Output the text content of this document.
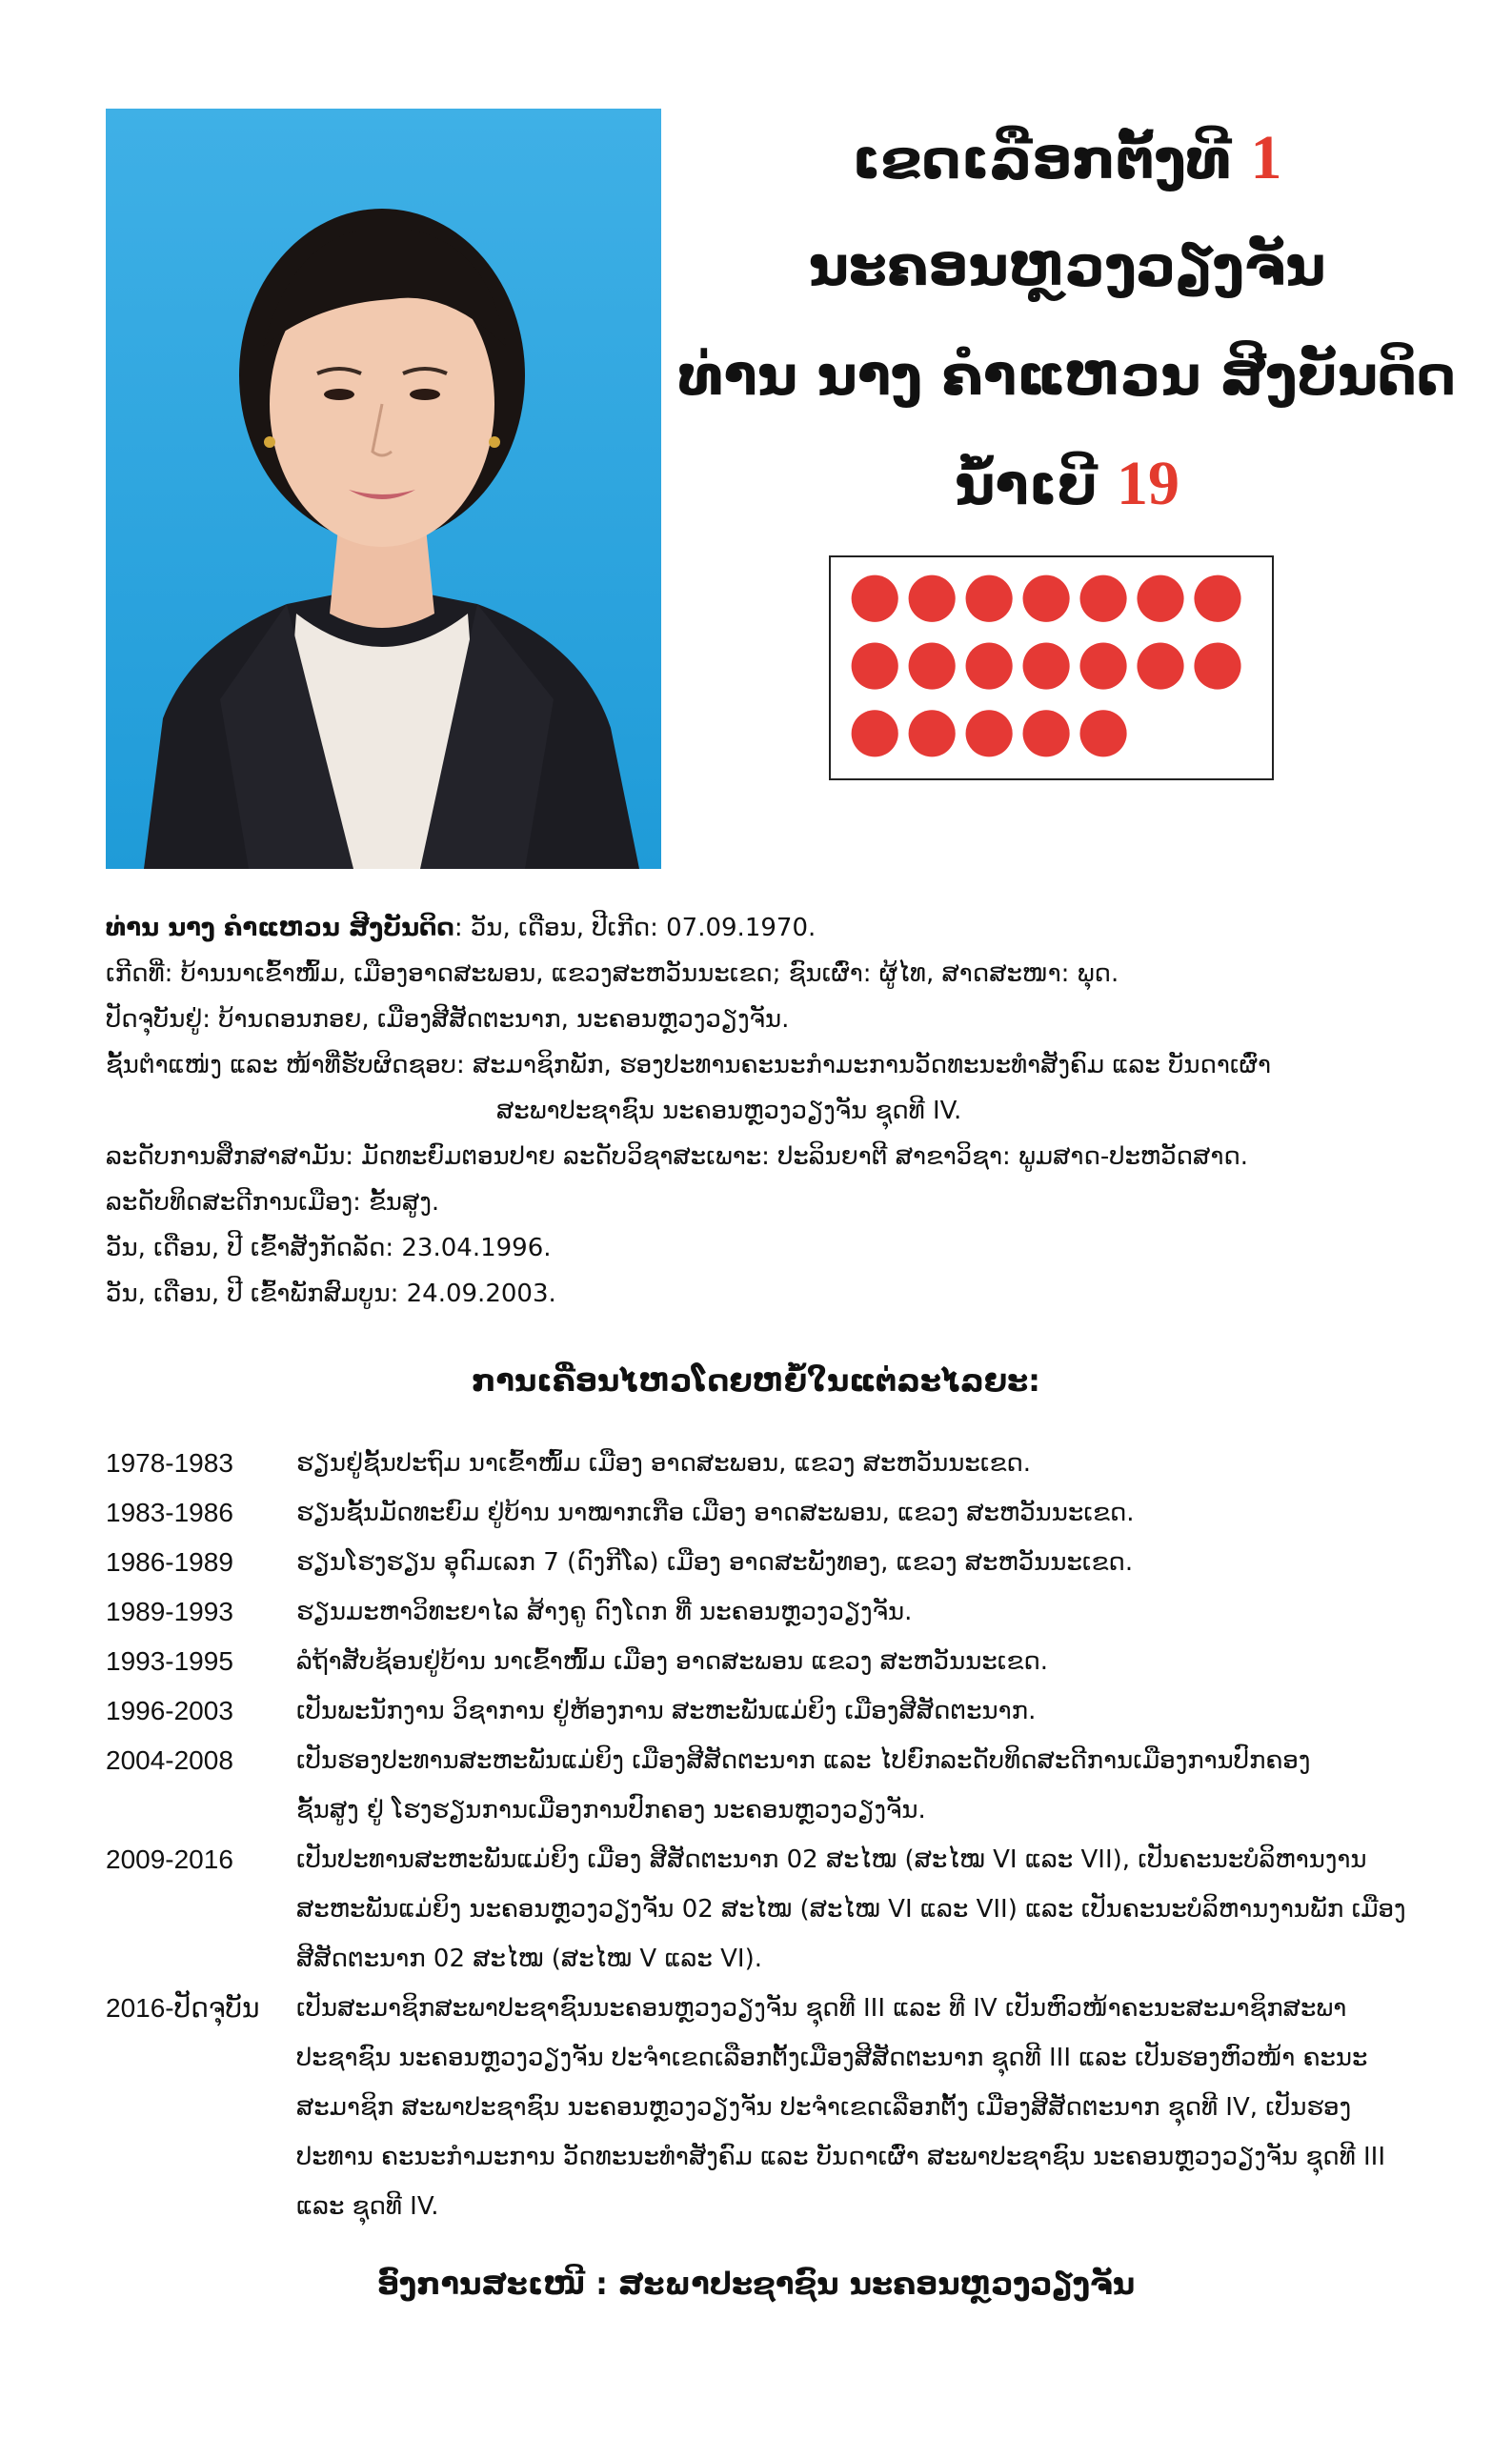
ເຂດເລືອກຕັ້ງທີ 1
ນະຄອນຫຼວງວຽງຈັນ
ທ່ານ ນາງ ຄຳແຫວນ ສີງບັນດິດ
ນ້ຳເບີ 19
ທ່ານ ນາງ ຄຳແຫວນ ສີງບັນດິດ: ວັນ, ເດືອນ, ປີເກີດ: 07.09.1970.
ເກີດທີ່: ບ້ານນາເຂົ້າໜົ້ມ, ເມືອງອາດສະພອນ, ແຂວງສະຫວັນນະເຂດ; ຊົນເຜົ່າ: ຜູ້ໄທ, ສາດສະໜາ: ພຸດ.
ປັດຈຸບັນຢູ່: ບ້ານດອນກອຍ, ເມືອງສີສັດຕະນາກ, ນະຄອນຫຼວງວຽງຈັນ.
ຊັ້ນຕຳແໜ່ງ ແລະ ໜ້າທີ່ຮັບຜິດຊອບ: ສະມາຊິກພັກ, ຮອງປະທານຄະນະກຳມະການວັດທະນະທຳສັງຄົມ ແລະ ບັນດາເຜົ່າ
ສະພາປະຊາຊົນ ນະຄອນຫຼວງວຽງຈັນ ຊຸດທີ IV.
ລະດັບການສຶກສາສາມັນ: ມັດທະຍົມຕອນປາຍ ລະດັບວິຊາສະເພາະ: ປະລິນຍາຕີ ສາຂາວິຊາ: ພູມສາດ-ປະຫວັດສາດ.
ລະດັບທິດສະດີການເມືອງ: ຂັ້ນສູງ.
ວັນ, ເດືອນ, ປີ ເຂົ້າສັງກັດລັດ: 23.04.1996.
ວັນ, ເດືອນ, ປີ ເຂົ້າພັກສົມບູນ: 24.09.2003.
ການເຄື່ອນໄຫວໂດຍຫຍໍ້ໃນແຕ່ລະໄລຍະ:
1978-1983	ຮຽນຢູ່ຊັ້ນປະຖົມ ນາເຂົ້າໜົ້ມ ເມືອງ ອາດສະພອນ, ແຂວງ ສະຫວັນນະເຂດ.
1983-1986	ຮຽນຊັ້ນມັດທະຍົມ ຢູ່ບ້ານ ນາໝາກເກືອ ເມືອງ ອາດສະພອນ, ແຂວງ ສະຫວັນນະເຂດ.
1986-1989	ຮຽນໂຮງຮຽນ ອຸດົມເລກ 7 (ດົງກີໂລ) ເມືອງ ອາດສະພັງທອງ, ແຂວງ ສະຫວັນນະເຂດ.
1989-1993	ຮຽນມະຫາວິທະຍາໄລ ສ້າງຄູ ດົງໂດກ ທີ່ ນະຄອນຫຼວງວຽງຈັນ.
1993-1995	ລໍຖ້າສັບຊ້ອນຢູ່ບ້ານ ນາເຂົ້າໜົ້ມ ເມືອງ ອາດສະພອນ ແຂວງ ສະຫວັນນະເຂດ.
1996-2003	ເປັນພະນັກງານ ວິຊາການ ຢູ່ຫ້ອງການ ສະຫະພັນແມ່ຍິງ ເມືອງສີສັດຕະນາກ.
2004-2008	ເປັນຮອງປະທານສະຫະພັນແມ່ຍິງ ເມືອງສີສັດຕະນາກ ແລະ ໄປຍົກລະດັບທິດສະດີການເມືອງການປົກຄອງ
ຊັ້ນສູງ ຢູ່ ໂຮງຮຽນການເມືອງການປົກຄອງ ນະຄອນຫຼວງວຽງຈັນ.
2009-2016	ເປັນປະທານສະຫະພັນແມ່ຍິງ ເມືອງ ສີສັດຕະນາກ 02 ສະໄໝ (ສະໄໝ VI ແລະ VII), ເປັນຄະນະບໍລິຫານງານ
ສະຫະພັນແມ່ຍິງ ນະຄອນຫຼວງວຽງຈັນ 02 ສະໄໝ (ສະໄໝ VI ແລະ VII) ແລະ ເປັນຄະນະບໍລິຫານງານພັກ ເມືອງ
ສີສັດຕະນາກ 02 ສະໄໝ (ສະໄໝ V ແລະ VI).
2016-ປັດຈຸບັນ	ເປັນສະມາຊິກສະພາປະຊາຊົນນະຄອນຫຼວງວຽງຈັນ ຊຸດທີ III ແລະ ທີ IV ເປັນຫົວໜ້າຄະນະສະມາຊິກສະພາ
ປະຊາຊົນ ນະຄອນຫຼວງວຽງຈັນ ປະຈຳເຂດເລືອກຕັ້ງເມືອງສີສັດຕະນາກ ຊຸດທີ III ແລະ ເປັນຮອງຫົວໜ້າ ຄະນະ
ສະມາຊິກ ສະພາປະຊາຊົນ ນະຄອນຫຼວງວຽງຈັນ ປະຈຳເຂດເລືອກຕັ້ງ ເມືອງສີສັດຕະນາກ ຊຸດທີ IV, ເປັນຮອງ
ປະທານ ຄະນະກຳມະການ ວັດທະນະທຳສັງຄົມ ແລະ ບັນດາເຜົ່າ ສະພາປະຊາຊົນ ນະຄອນຫຼວງວຽງຈັນ ຊຸດທີ III
ແລະ ຊຸດທີ IV.
ອົງການສະເໜີ : ສະພາປະຊາຊົນ ນະຄອນຫຼວງວຽງຈັນ
